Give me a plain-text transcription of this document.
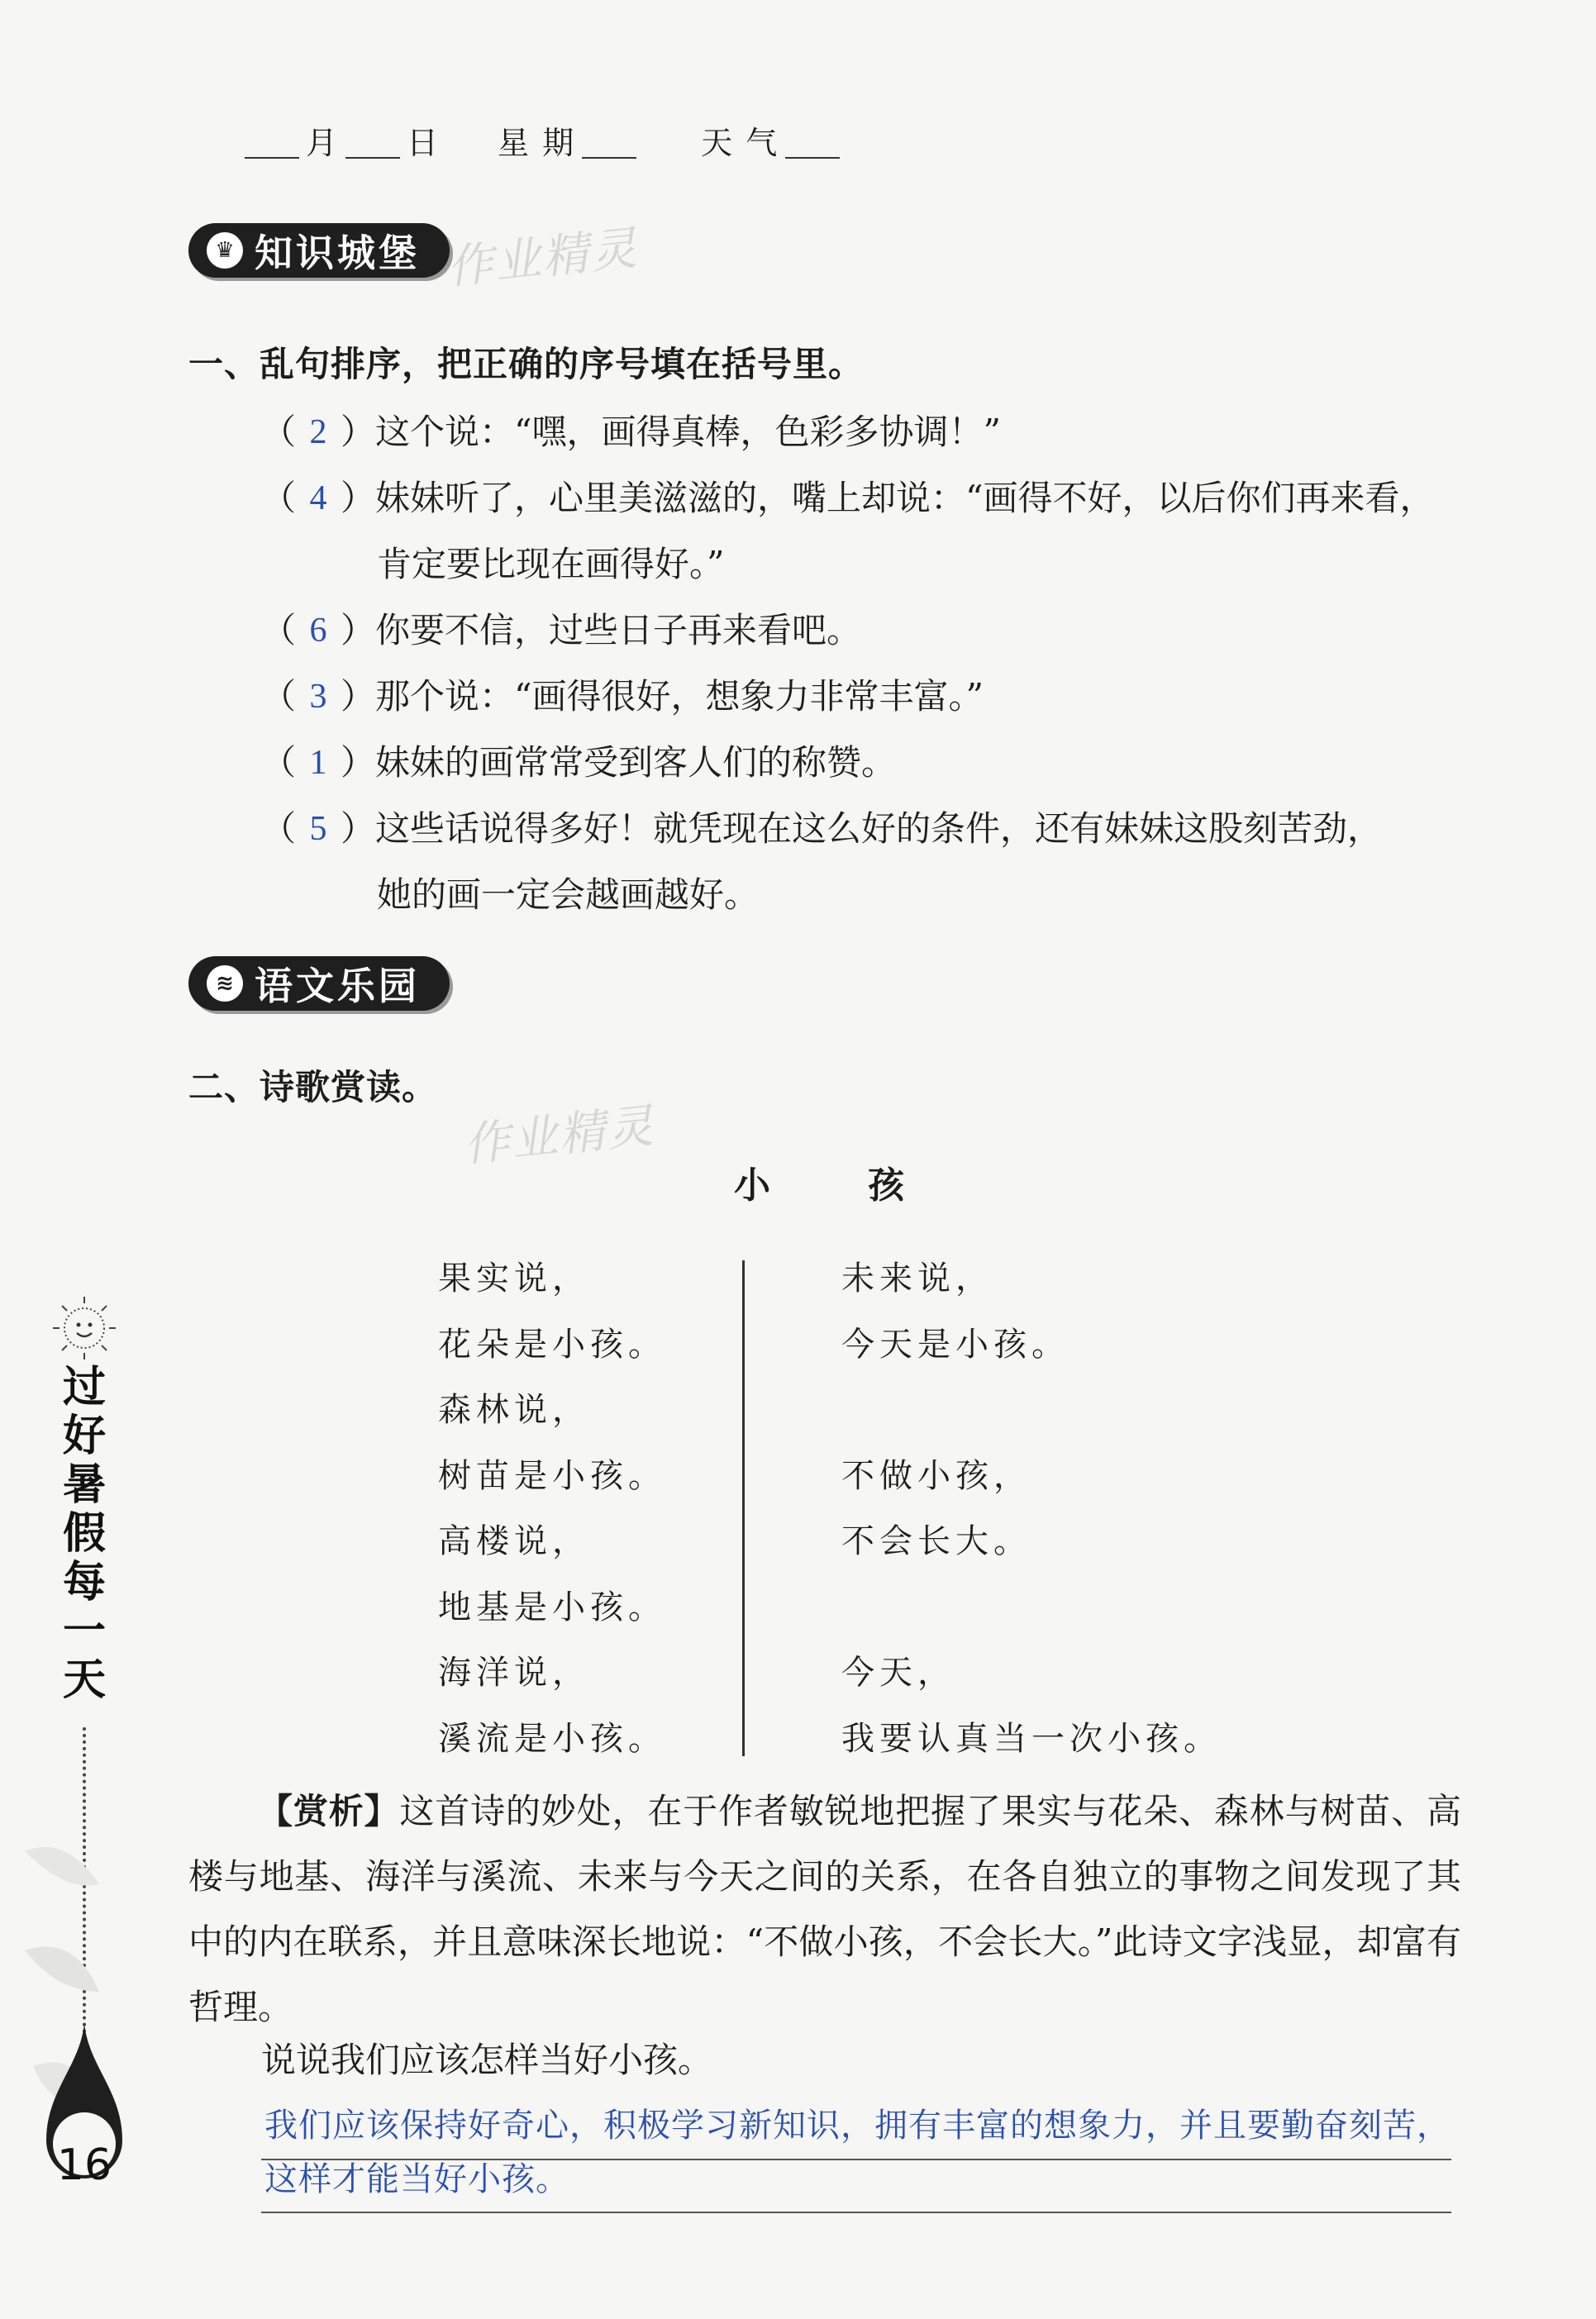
月 日 星 期	天 气
♛ 知识城堡 作业精灵
一、乱句排序，把正确的序号填在括号里。
（ 2 ） 这个说：“嘿，画得真棒，色彩多协调！”
（ 4 ） 妹妹听了，心里美滋滋的，嘴上却说：“画得不好，以后你们再来看，
肯定要比现在画得好。”
（ 6 ） 你要不信，过些日子再来看吧。
（ 3 ） 那个说：“画得很好，想象力非常丰富。”
（ 1 ） 妹妹的画常常受到客人们的称赞。
（ 5 ） 这些话说得多好！就凭现在这么好的条件，还有妹妹这股刻苦劲，
她的画一定会越画越好。
≋ 语文乐园
二、诗歌赏读。
作业精灵
小	孩
果实说，
花朵是小孩。
森林说，
树苗是小孩。
高楼说，
地基是小孩。
海洋说，
溪流是小孩。
未来说，
今天是小孩。
不做小孩，
不会长大。
今天，
我要认真当一次小孩。
【赏析】这首诗的妙处，在于作者敏锐地把握了果实与花朵、森林与树苗、高楼与地基、海洋与溪流、未来与今天之间的关系，在各自独立的事物之间发现了其中的内在联系，并且意味深长地说：“不做小孩，不会长大。”此诗文字浅显，却富有哲理。
说说我们应该怎样当好小孩。
我们应该保持好奇心，积极学习新知识，拥有丰富的想象力，并且要勤奋刻苦，这样才能当好小孩。
过
好
暑
假
每
一
天
16
